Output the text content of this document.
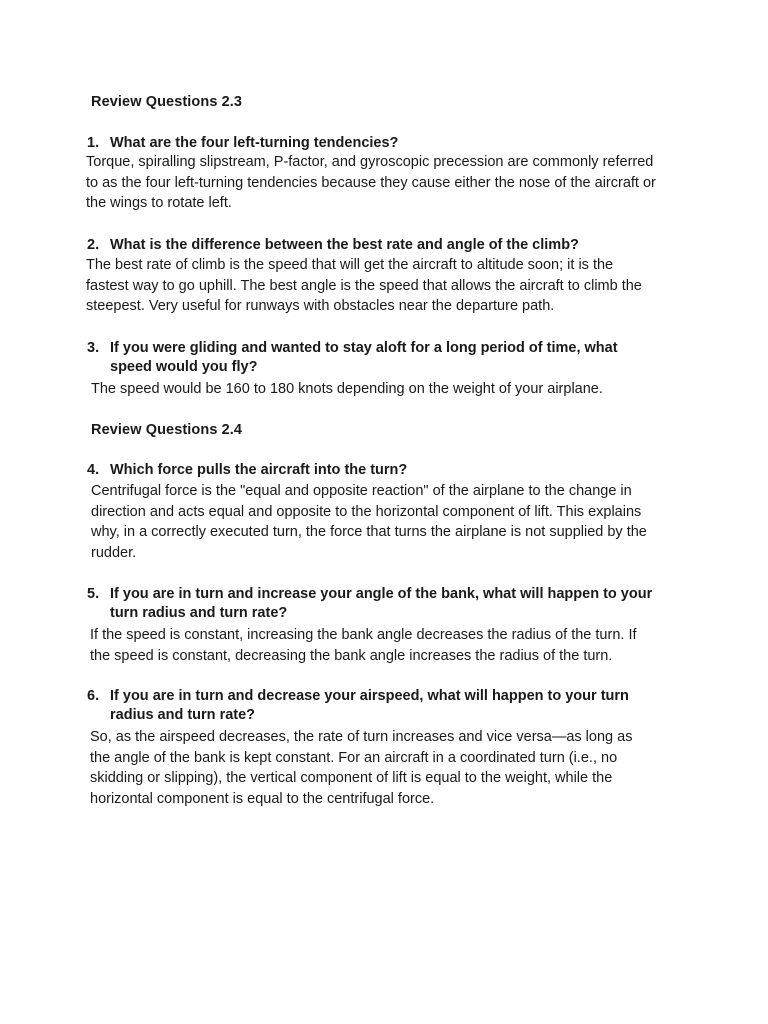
Review Questions 2.3
1. What are the four left-turning tendencies?
Torque, spiralling slipstream, P-factor, and gyroscopic precession are commonly referred
to as the four left-turning tendencies because they cause either the nose of the aircraft or
the wings to rotate left.
2. What is the difference between the best rate and angle of the climb?
The best rate of climb is the speed that will get the aircraft to altitude soon; it is the
fastest way to go uphill. The best angle is the speed that allows the aircraft to climb the
steepest. Very useful for runways with obstacles near the departure path.
3. If you were gliding and wanted to stay aloft for a long period of time, what
speed would you fly?
The speed would be 160 to 180 knots depending on the weight of your airplane.
Review Questions 2.4
4. Which force pulls the aircraft into the turn?
Centrifugal force is the "equal and opposite reaction" of the airplane to the change in
direction and acts equal and opposite to the horizontal component of lift. This explains
why, in a correctly executed turn, the force that turns the airplane is not supplied by the
rudder.
5. If you are in turn and increase your angle of the bank, what will happen to your
turn radius and turn rate?
If the speed is constant, increasing the bank angle decreases the radius of the turn. If
the speed is constant, decreasing the bank angle increases the radius of the turn.
6. If you are in turn and decrease your airspeed, what will happen to your turn
radius and turn rate?
So, as the airspeed decreases, the rate of turn increases and vice versa—as long as
the angle of the bank is kept constant. For an aircraft in a coordinated turn (i.e., no
skidding or slipping), the vertical component of lift is equal to the weight, while the
horizontal component is equal to the centrifugal force.
